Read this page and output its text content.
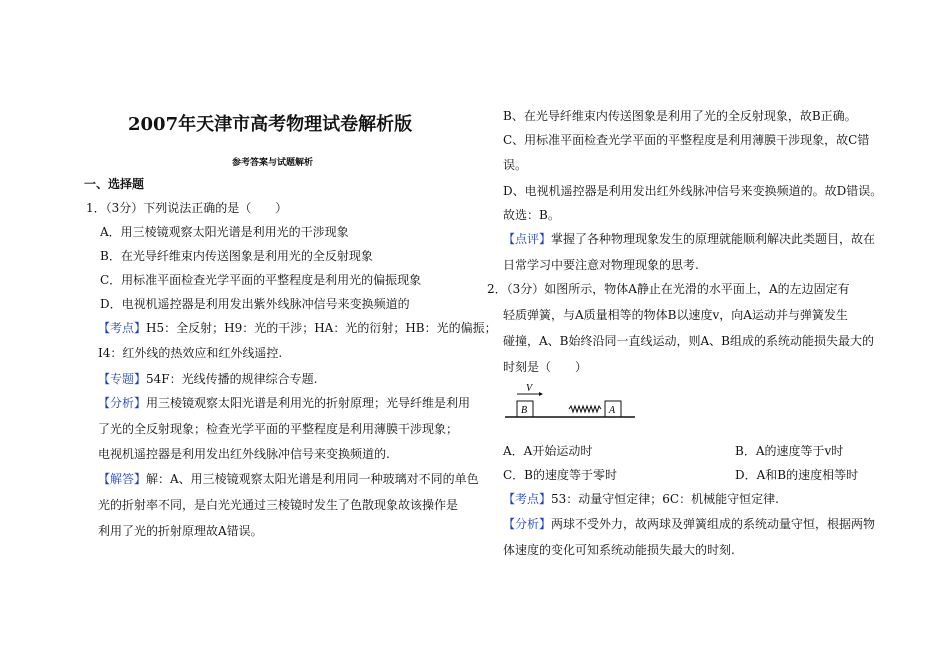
2007年天津市高考物理试卷解析版
参考答案与试题解析
一、选择题
1．（3分）下列说法正确的是（　　）
A．用三棱镜观察太阳光谱是利用光的干涉现象
B．在光导纤维束内传送图象是利用光的全反射现象
C．用标准平面检查光学平面的平整程度是利用光的偏振现象
D．电视机遥控器是利用发出紫外线脉冲信号来变换频道的
【考点】H5：全反射；H9：光的干涉；HA：光的衍射；HB：光的偏振；
I4：红外线的热效应和红外线遥控.
【专题】54F：光线传播的规律综合专题.
【分析】用三棱镜观察太阳光谱是利用光的折射原理；光导纤维是利用
了光的全反射现象；检查光学平面的平整程度是利用薄膜干涉现象；
电视机遥控器是利用发出红外线脉冲信号来变换频道的.
【解答】解：A、用三棱镜观察太阳光谱是利用同一种玻璃对不同的单色
光的折射率不同，是白光光通过三棱镜时发生了色散现象故该操作是
利用了光的折射原理故A错误。
B、在光导纤维束内传送图象是利用了光的全反射现象，故B正确。
C、用标准平面检查光学平面的平整程度是利用薄膜干涉现象，故C错
误。
D、电视机遥控器是利用发出红外线脉冲信号来变换频道的。故D错误。
故选：B。
【点评】掌握了各种物理现象发生的原理就能顺利解决此类题目，故在
日常学习中要注意对物理现象的思考.
2．（3分）如图所示，物体A静止在光滑的水平面上，A的左边固定有
轻质弹簧，与A质量相等的物体B以速度v，向A运动并与弹簧发生
碰撞，A、B始终沿同一直线运动，则A、B组成的系统动能损失最大的
时刻是（　　）
V
B	A
A．A开始运动时	B．A的速度等于v时
C．B的速度等于零时	D．A和B的速度相等时
【考点】53：动量守恒定律；6C：机械能守恒定律.
【分析】两球不受外力，故两球及弹簧组成的系统动量守恒，根据两物
体速度的变化可知系统动能损失最大的时刻.
